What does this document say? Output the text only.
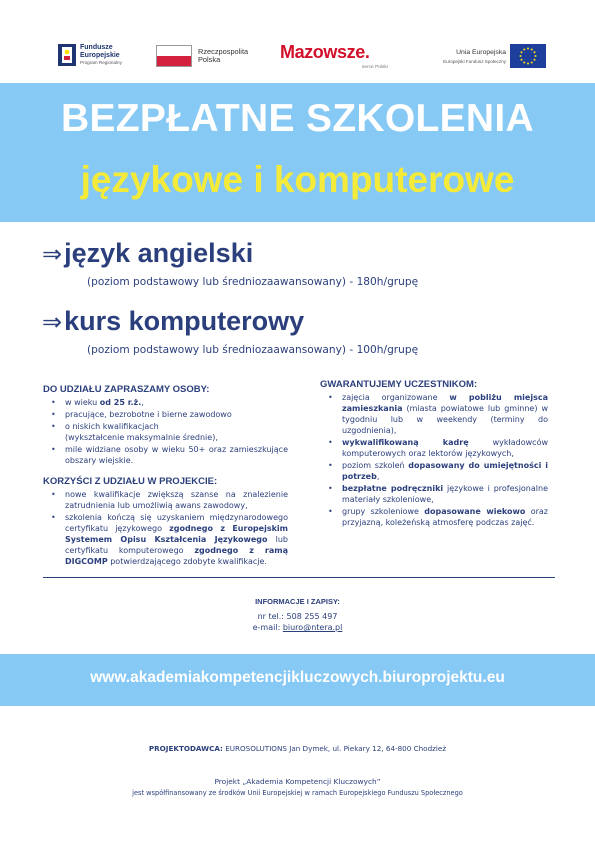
Fundusze
Europejskie
Program Regionalny
Rzeczpospolita
Polska	Mazowsze.
serce Polski
Unia Europejska
Europejski Fundusz Społeczny
BEZPŁATNE SZKOLENIA
językowe i komputerowe
⇒język angielski
(poziom podstawowy lub średniozaawansowany) - 180h/grupę
⇒kurs komputerowy
(poziom podstawowy lub średniozaawansowany) - 100h/grupę
DO UDZIAŁU ZAPRASZAMY OSOBY:
• w wieku od 25 r.ż.,
• pracujące, bezrobotne i bierne zawodowo
• o niskich kwalifikacjach
(wykształcenie maksymalnie średnie),
• mile widziane osoby w wieku 50+ oraz zamieszkujące obszary wiejskie.
KORZYŚCI Z UDZIAŁU W PROJEKCIE:
• nowe kwalifikacje zwiększą szanse na znalezienie zatrudnienia lub umożliwią awans zawodowy,
• szkolenia kończą się uzyskaniem międzynarodowego certyfikatu językowego zgodnego z Europejskim Systemem Opisu Kształcenia Językowego lub certyfikatu komputerowego zgodnego z ramą DIGCOMP potwierdzającego zdobyte kwalifikacje.
GWARANTUJEMY UCZESTNIKOM:
• zajęcia organizowane w pobliżu miejsca zamieszkania (miasta powiatowe lub gminne) w tygodniu lub w weekendy (terminy do uzgodnienia),
• wykwalifikowaną kadrę wykładowców komputerowych oraz lektorów językowych,
• poziom szkoleń dopasowany do umiejętności i potrzeb,
• bezpłatne podręczniki językowe i profesjonalne materiały szkoleniowe,
• grupy szkoleniowe dopasowane wiekowo oraz przyjazną, koleżeńską atmosferę podczas zajęć.
INFORMACJE I ZAPISY:
nr tel.: 508 255 497
e-mail: biuro@ntera.pl
www.akademiakompetencjikluczowych.biuroprojektu.eu
PROJEKTODAWCA: EUROSOLUTIONS Jan Dymek, ul. Piekary 12, 64-800 Chodzież
Projekt „Akademia Kompetencji Kluczowych”
jest współfinansowany ze środków Unii Europejskiej w ramach Europejskiego Funduszu Społecznego
